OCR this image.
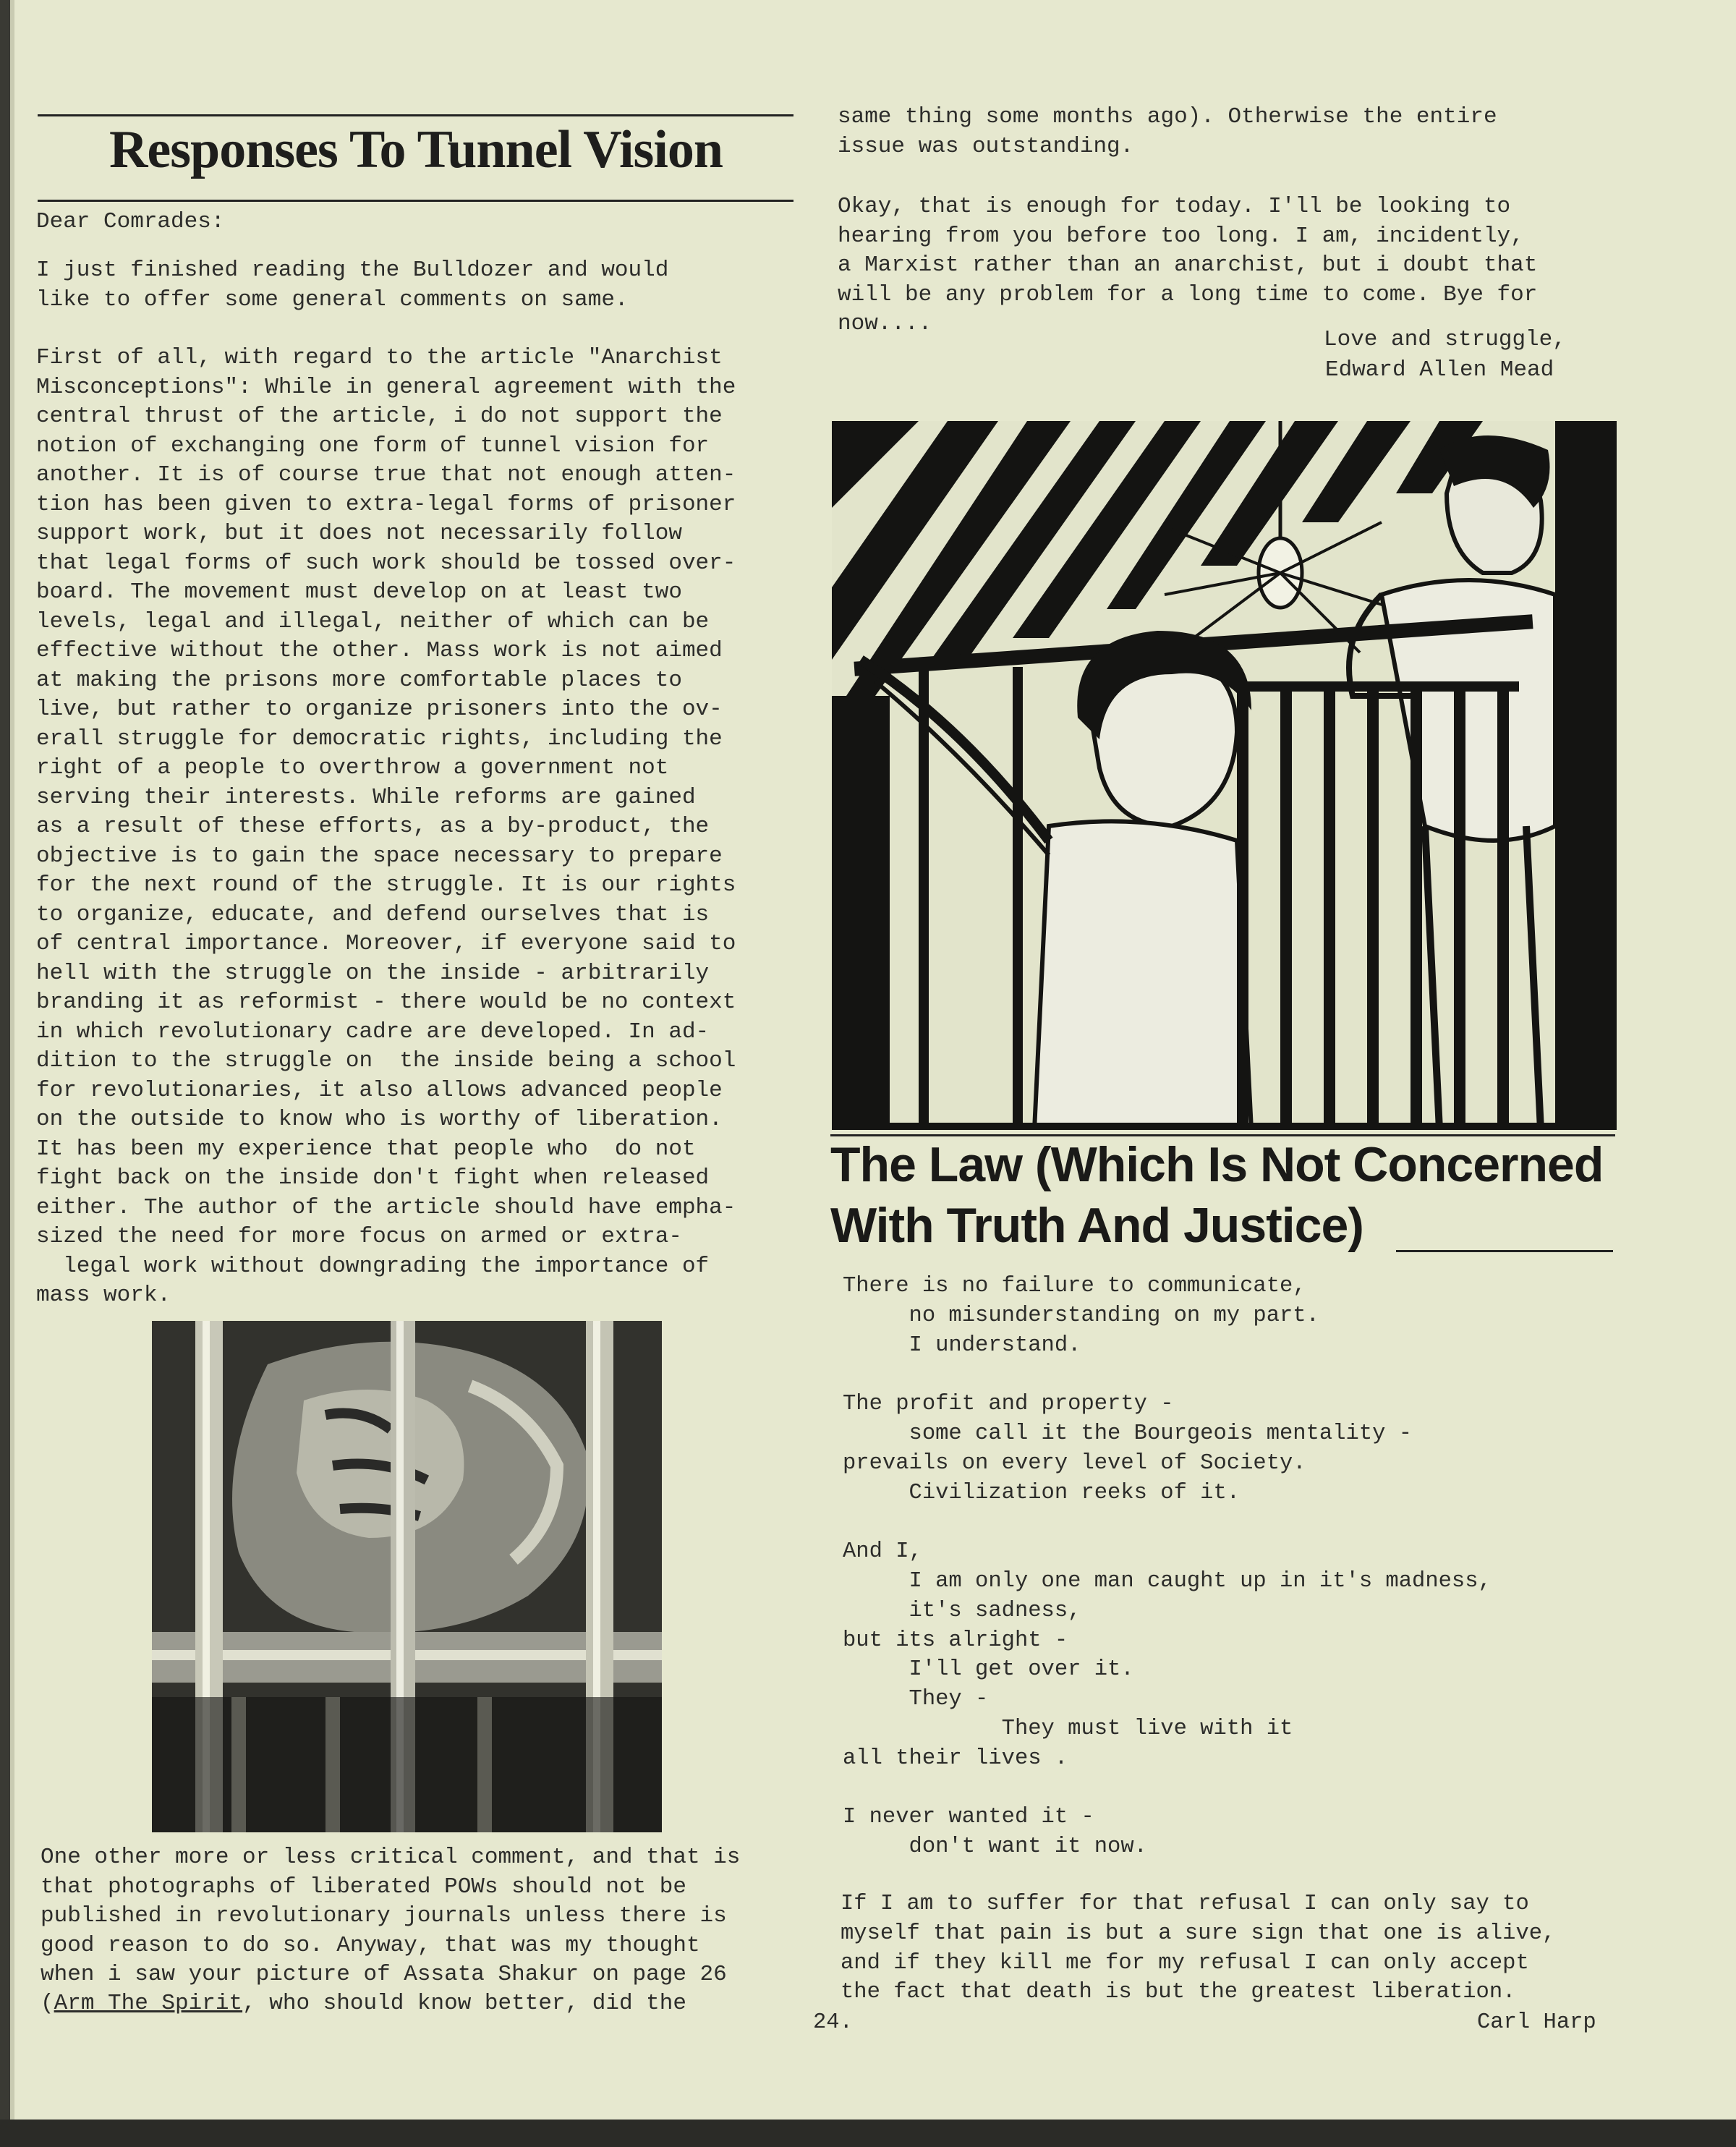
Responses To Tunnel Vision
Dear Comrades:
I just finished reading the Bulldozer and would
like to offer some general comments on same.
First of all, with regard to the article "Anarchist
Misconceptions": While in general agreement with the
central thrust of the article, i do not support the
notion of exchanging one form of tunnel vision for
another. It is of course true that not enough atten-
tion has been given to extra-legal forms of prisoner
support work, but it does not necessarily follow
that legal forms of such work should be tossed over-
board. The movement must develop on at least two
levels, legal and illegal, neither of which can be
effective without the other. Mass work is not aimed
at making the prisons more comfortable places to
live, but rather to organize prisoners into the ov-
erall struggle for democratic rights, including the
right of a people to overthrow a government not
serving their interests. While reforms are gained
as a result of these efforts, as a by-product, the
objective is to gain the space necessary to prepare
for the next round of the struggle. It is our rights
to organize, educate, and defend ourselves that is
of central importance. Moreover, if everyone said to
hell with the struggle on the inside - arbitrarily
branding it as reformist - there would be no context
in which revolutionary cadre are developed. In ad-
dition to the struggle on  the inside being a school
for revolutionaries, it also allows advanced people
on the outside to know who is worthy of liberation.
It has been my experience that people who  do not
fight back on the inside don't fight when released
either. The author of the article should have empha-
sized the need for more focus on armed or extra-
legal work without downgrading the importance of
mass work.
One other more or less critical comment, and that is
that photographs of liberated POWs should not be
published in revolutionary journals unless there is
good reason to do so. Anyway, that was my thought
when i saw your picture of Assata Shakur on page 26
(Arm The Spirit, who should know better, did the
same thing some months ago). Otherwise the entire
issue was outstanding.
Okay, that is enough for today. I'll be looking to
hearing from you before too long. I am, incidently,
a Marxist rather than an anarchist, but i doubt that
will be any problem for a long time to come. Bye for
now....
Love and struggle,
Edward Allen Mead
The Law (Which Is Not Concerned
With Truth And Justice)
There is no failure to communicate,
no misunderstanding on my part.
I understand.

The profit and property -
some call it the Bourgeois mentality -
prevails on every level of Society.
Civilization reeks of it.

And I,
I am only one man caught up in it's madness,
it's sadness,
but its alright -
I'll get over it.
They -
They must live with it
all their lives .

I never wanted it -
don't want it now.
If I am to suffer for that refusal I can only say to
myself that pain is but a sure sign that one is alive,
and if they kill me for my refusal I can only accept
the fact that death is but the greatest liberation.
Carl Harp
24.
